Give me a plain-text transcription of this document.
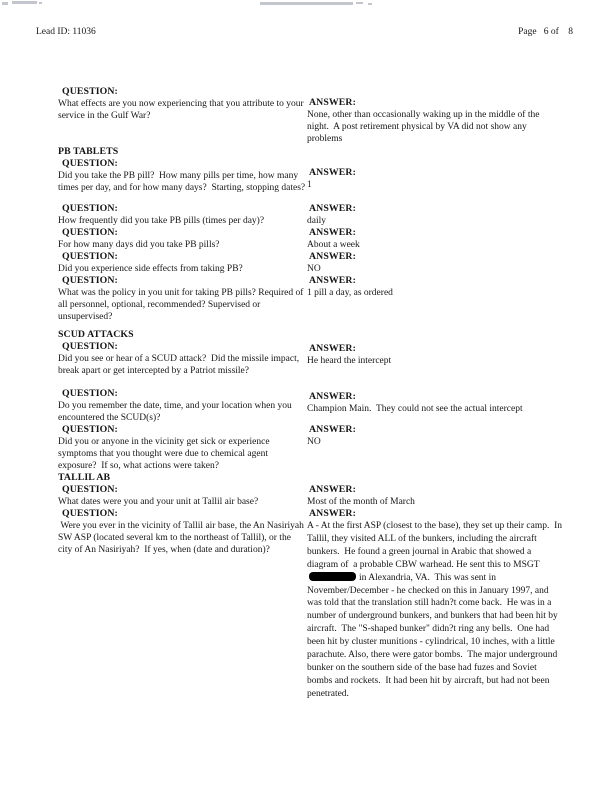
Lead ID: 11036	Page   6 of    8
QUESTION:
What effects are you now experiencing that you attribute to your service in the Gulf War?
ANSWER:
None, other than occasionally waking up in the middle of the night.  A post retirement physical by VA did not show any problems
PB TABLETS
QUESTION:
Did you take the PB pill?  How many pills per time, how many times per day, and for how many days?  Starting, stopping dates?
ANSWER:
1
QUESTION:
How frequently did you take PB pills (times per day)?
ANSWER:
daily
QUESTION:
For how many days did you take PB pills?
ANSWER:
About a week
QUESTION:
Did you experience side effects from taking PB?
ANSWER:
NO
QUESTION:
What was the policy in you unit for taking PB pills? Required of all personnel, optional, recommended? Supervised or unsupervised?
ANSWER:
1 pill a day, as ordered
SCUD ATTACKS
QUESTION:
Did you see or hear of a SCUD attack?  Did the missile impact, break apart or get intercepted by a Patriot missile?
ANSWER:
He heard the intercept
QUESTION:
Do you remember the date, time, and your location when you encountered the SCUD(s)?
ANSWER:
Champion Main.  They could not see the actual intercept
QUESTION:
Did you or anyone in the vicinity get sick or experience symptoms that you thought were due to chemical agent exposure?  If so, what actions were taken?
ANSWER:
NO
TALLIL AB
QUESTION:
What dates were you and your unit at Tallil air base?
ANSWER:
Most of the month of March
QUESTION:
Were you ever in the vicinity of Tallil air base, the An Nasiriyah SW ASP (located several km to the northeast of Tallil), or the city of An Nasiriyah?  If yes, when (date and duration)?
ANSWER:
A - At the first ASP (closest to the base), they set up their camp.  In Tallil, they visited ALL of the bunkers, including the aircraft bunkers.  He found a green journal in Arabic that showed a diagram of  a probable CBW warhead. He sent this to MSGTin Alexandria, VA.  This was sent in November/December - he checked on this in January 1997, and was told that the translation still hadn?t come back.  He was in a number of underground bunkers, and bunkers that had been hit by aircraft.  The "S-shaped bunker" didn?t ring any bells.  One had been hit by cluster munitions - cylindrical, 10 inches, with a little parachute. Also, there were gator bombs.  The major underground bunker on the southern side of the base had fuzes and Soviet bombs and rockets.  It had been hit by aircraft, but had not been penetrated.
